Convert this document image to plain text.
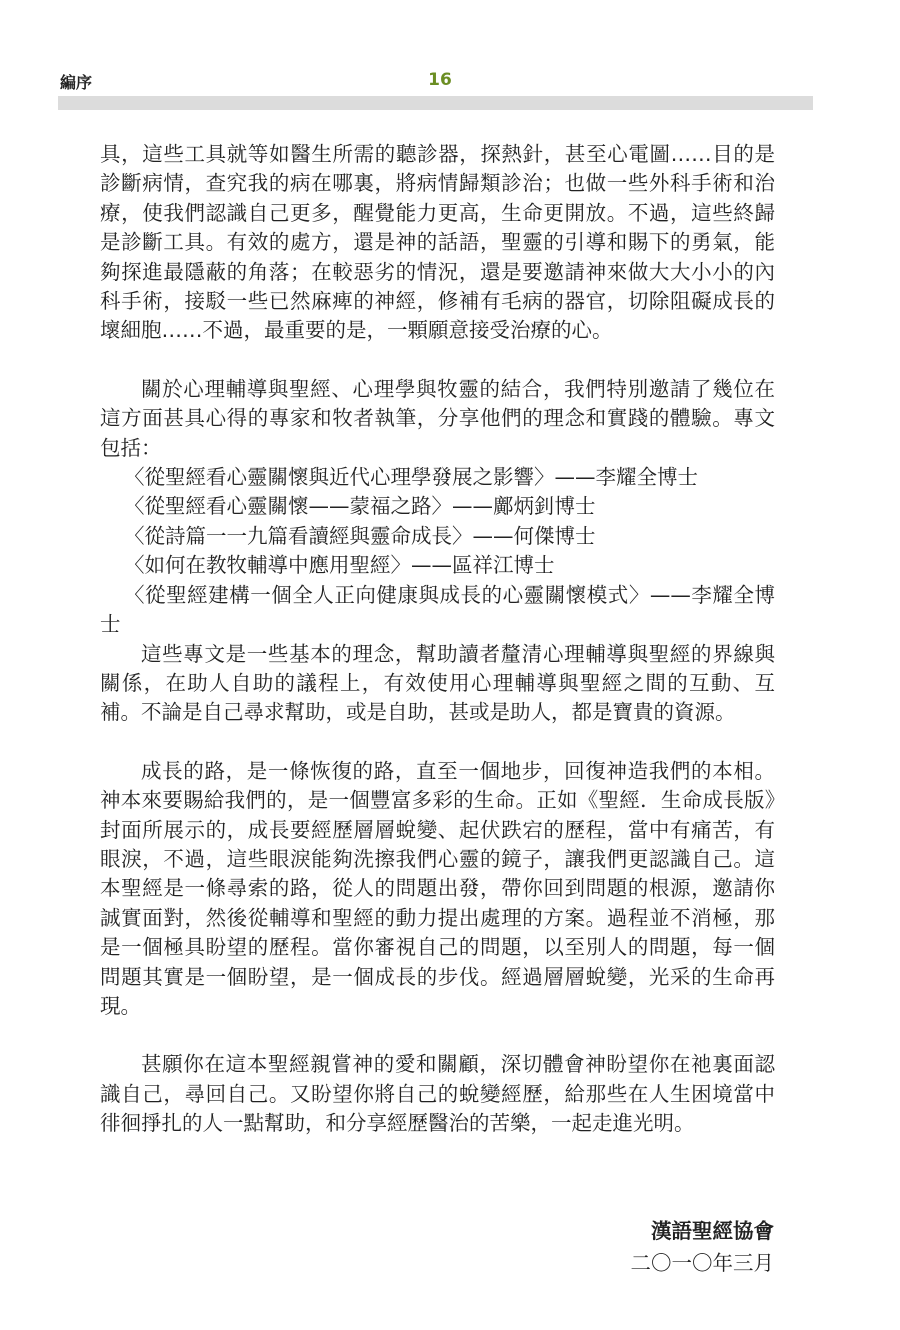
編序	16

具，這些工具就等如醫生所需的聽診器，探熱針，甚至心電圖……目的是診斷病情，查究我的病在哪裏，將病情歸類診治；也做一些外科手術和治療，使我們認識自己更多，醒覺能力更高，生命更開放。不過，這些終歸是診斷工具。有效的處方，還是神的話語，聖靈的引導和賜下的勇氣，能夠探進最隱蔽的角落；在較惡劣的情況，還是要邀請神來做大大小小的內科手術，接駁一些已然麻痺的神經，修補有毛病的器官，切除阻礙成長的壞細胞……不過，最重要的是，一顆願意接受治療的心。

關於心理輔導與聖經、心理學與牧靈的結合，我們特別邀請了幾位在這方面甚具心得的專家和牧者執筆，分享他們的理念和實踐的體驗。專文包括：

〈從聖經看心靈關懷與近代心理學發展之影響〉——李耀全博士

〈從聖經看心靈關懷——蒙福之路〉——鄺炳釗博士

〈從詩篇一一九篇看讀經與靈命成長〉——何傑博士

〈如何在教牧輔導中應用聖經〉——區祥江博士

〈從聖經建構一個全人正向健康與成長的心靈關懷模式〉——李耀全博士

這些專文是一些基本的理念，幫助讀者釐清心理輔導與聖經的界線與關係，在助人自助的議程上，有效使用心理輔導與聖經之間的互動、互補。不論是自己尋求幫助，或是自助，甚或是助人，都是寶貴的資源。

成長的路，是一條恢復的路，直至一個地步，回復神造我們的本相。神本來要賜給我們的，是一個豐富多彩的生命。正如《聖經．生命成長版》封面所展示的，成長要經歷層層蛻變、起伏跌宕的歷程，當中有痛苦，有眼淚，不過，這些眼淚能夠洗擦我們心靈的鏡子，讓我們更認識自己。這本聖經是一條尋索的路，從人的問題出發，帶你回到問題的根源，邀請你誠實面對，然後從輔導和聖經的動力提出處理的方案。過程並不消極，那是一個極具盼望的歷程。當你審視自己的問題，以至別人的問題，每一個問題其實是一個盼望，是一個成長的步伐。經過層層蛻變，光采的生命再現。

甚願你在這本聖經親嘗神的愛和關顧，深切體會神盼望你在祂裏面認識自己，尋回自己。又盼望你將自己的蛻變經歷，給那些在人生困境當中徘徊掙扎的人一點幫助，和分享經歷醫治的苦樂，一起走進光明。

漢語聖經協會
二〇一〇年三月
